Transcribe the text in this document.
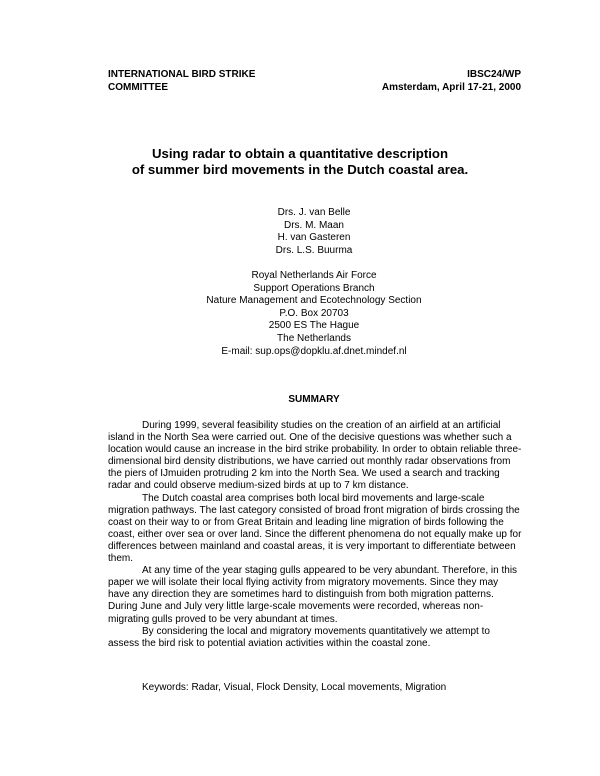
INTERNATIONAL BIRD STRIKE
COMMITTEE
IBSC24/WP
Amsterdam, April 17-21, 2000
Using radar to obtain a quantitative description
of summer bird movements in the Dutch coastal area.
Drs. J. van Belle
Drs. M. Maan
H. van Gasteren
Drs. L.S. Buurma
Royal Netherlands Air Force
Support Operations Branch
Nature Management and Ecotechnology Section
P.O. Box 20703
2500 ES The Hague
The Netherlands
E-mail: sup.ops@dopklu.af.dnet.mindef.nl
SUMMARY

During 1999, several feasibility studies on the creation of an airfield at an artificial island in the North Sea were carried out. One of the decisive questions was whether such a location would cause an increase in the bird strike probability. In order to obtain reliable three-dimensional bird density distributions, we have carried out monthly radar observations from the piers of IJmuiden protruding 2 km into the North Sea. We used a search and tracking radar and could observe medium-sized birds at up to 7 km distance.

The Dutch coastal area comprises both local bird movements and large-scale migration pathways. The last category consisted of broad front migration of birds crossing the coast on their way to or from Great Britain and leading line migration of birds following the coast, either over sea or over land. Since the different phenomena do not equally make up for differences between mainland and coastal areas, it is very important to differentiate between them.

At any time of the year staging gulls appeared to be very abundant. Therefore, in this paper we will isolate their local flying activity from migratory movements. Since they may have any direction they are sometimes hard to distinguish from both migration patterns. During June and July very little large-scale movements were recorded, whereas non-migrating gulls proved to be very abundant at times.

By considering the local and migratory movements quantitatively we attempt to assess the bird risk to potential aviation activities within the coastal zone.

Keywords: Radar, Visual, Flock Density, Local movements, Migration
